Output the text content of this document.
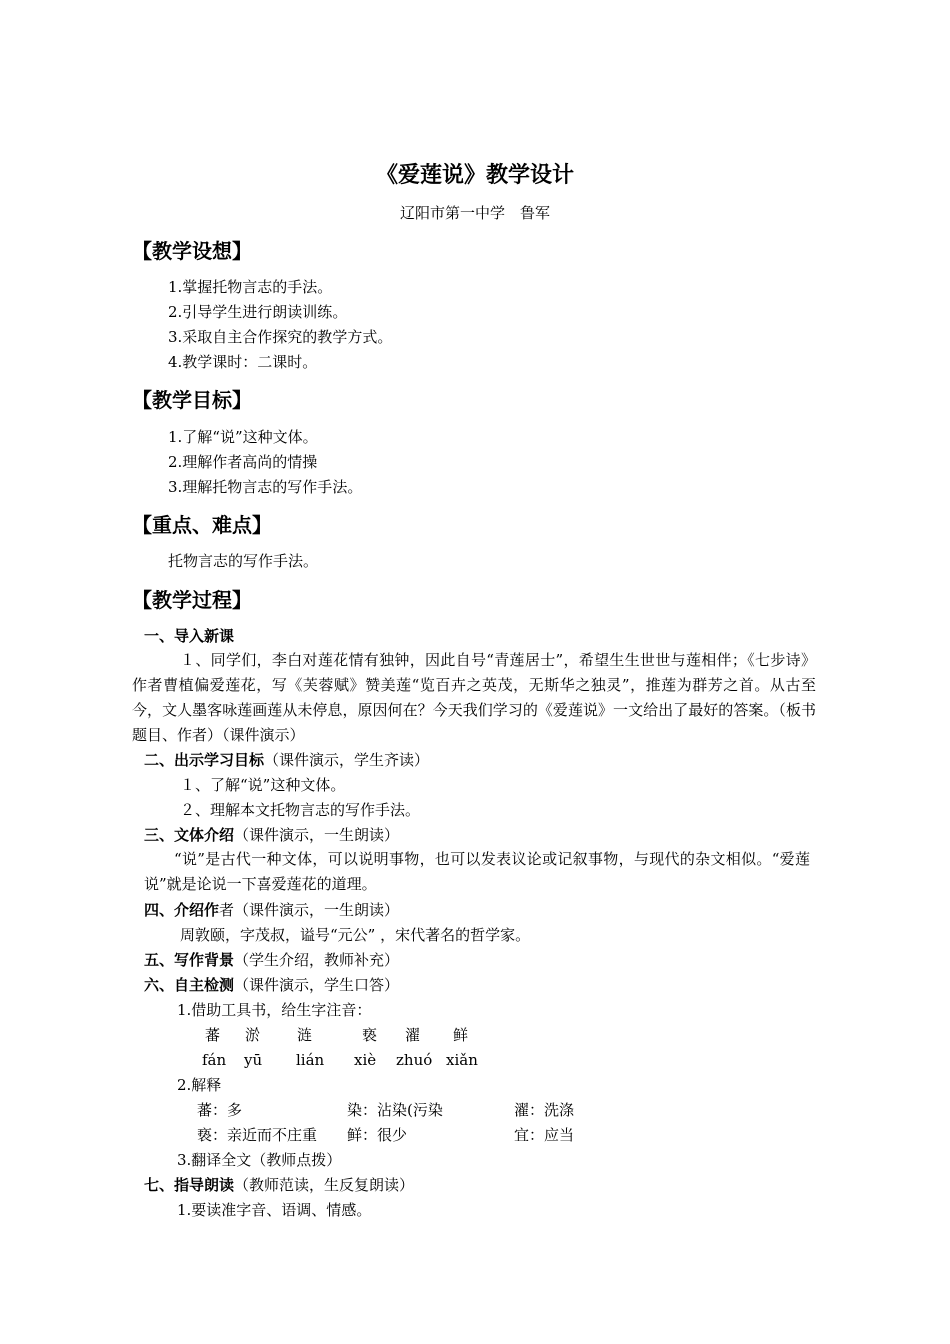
《爱莲说》教学设计
辽阳市第一中学　鲁军
【教学设想】
1.掌握托物言志的手法。
2.引导学生进行朗读训练。
3.采取自主合作探究的教学方式。
4.教学课时：二课时。
【教学目标】
1.了解“说”这种文体。
2.理解作者高尚的情操
3.理解托物言志的写作手法。
【重点、难点】
托物言志的写作手法。
【教学过程】
一、导入新课
１、同学们，李白对莲花情有独钟，因此自号“青莲居士”，希望生生世世与莲相伴；《七步诗》作者曹植偏爱莲花，写《芙蓉赋》赞美莲“览百卉之英茂，无斯华之独灵”，推莲为群芳之首。从古至今，文人墨客咏莲画莲从未停息，原因何在？今天我们学习的《爱莲说》一文给出了最好的答案。（板书题目、作者）（课件演示）
二、出示学习目标（课件演示，学生齐读）
１、了解“说”这种文体。
２、理解本文托物言志的写作手法。
三、文体介绍（课件演示，一生朗读）
“说”是古代一种文体，可以说明事物，也可以发表议论或记叙事物，与现代的杂文相似。“爱莲说”就是论说一下喜爱莲花的道理。
四、介绍作者（课件演示，一生朗读）
周敦颐，字茂叔，谥号“元公” ，宋代著名的哲学家。
五、写作背景（学生介绍，教师补充）
六、自主检测（课件演示，学生口答）
1.借助工具书，给生字注音：
蕃 淤 涟	亵 濯 鲜
fán yū lián xiè zhuó xiǎn
2.解释
蕃：多	染：沾染(污染	濯：洗涤
亵：亲近而不庄重 鲜：很少	宜：应当
3.翻译全文（教师点拨）
七、指导朗读（教师范读，生反复朗读）
1.要读准字音、语调、情感。
